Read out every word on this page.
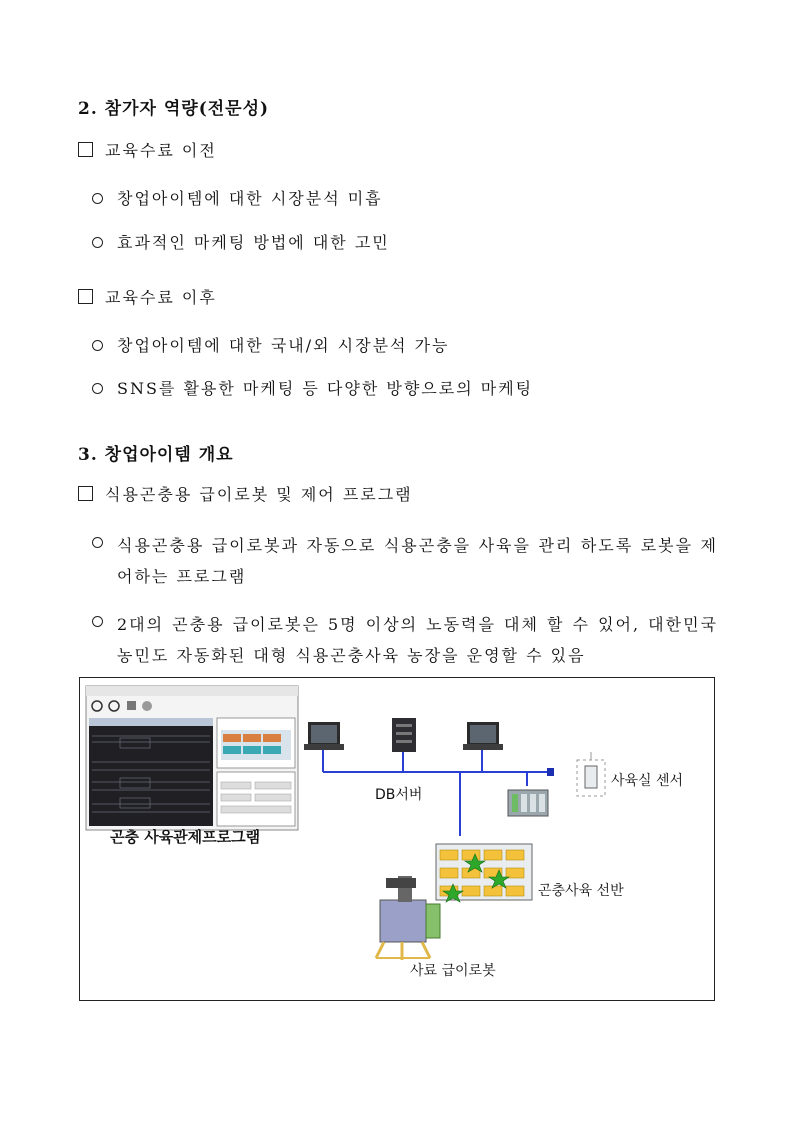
2. 참가자 역량(전문성)
교육수료 이전
창업아이템에 대한 시장분석 미흡
효과적인 마케팅 방법에 대한 고민
교육수료 이후
창업아이템에 대한 국내/외 시장분석 가능
SNS를 활용한 마케팅 등 다양한 방향으로의 마케팅
3. 창업아이템 개요
식용곤충용 급이로봇 및 제어 프로그램
식용곤충용 급이로봇과 자동으로 식용곤충을 사육을 관리 하도록 로봇을 제어하는 프로그램
2대의 곤충용 급이로봇은 5명 이상의 노동력을 대체 할 수 있어, 대한민국 농민도 자동화된 대형 식용곤충사육 농장을 운영할 수 있음
곤충 사육관제프로그램
DB서버
사육실 센서
곤충사육 선반
사료 급이로봇
